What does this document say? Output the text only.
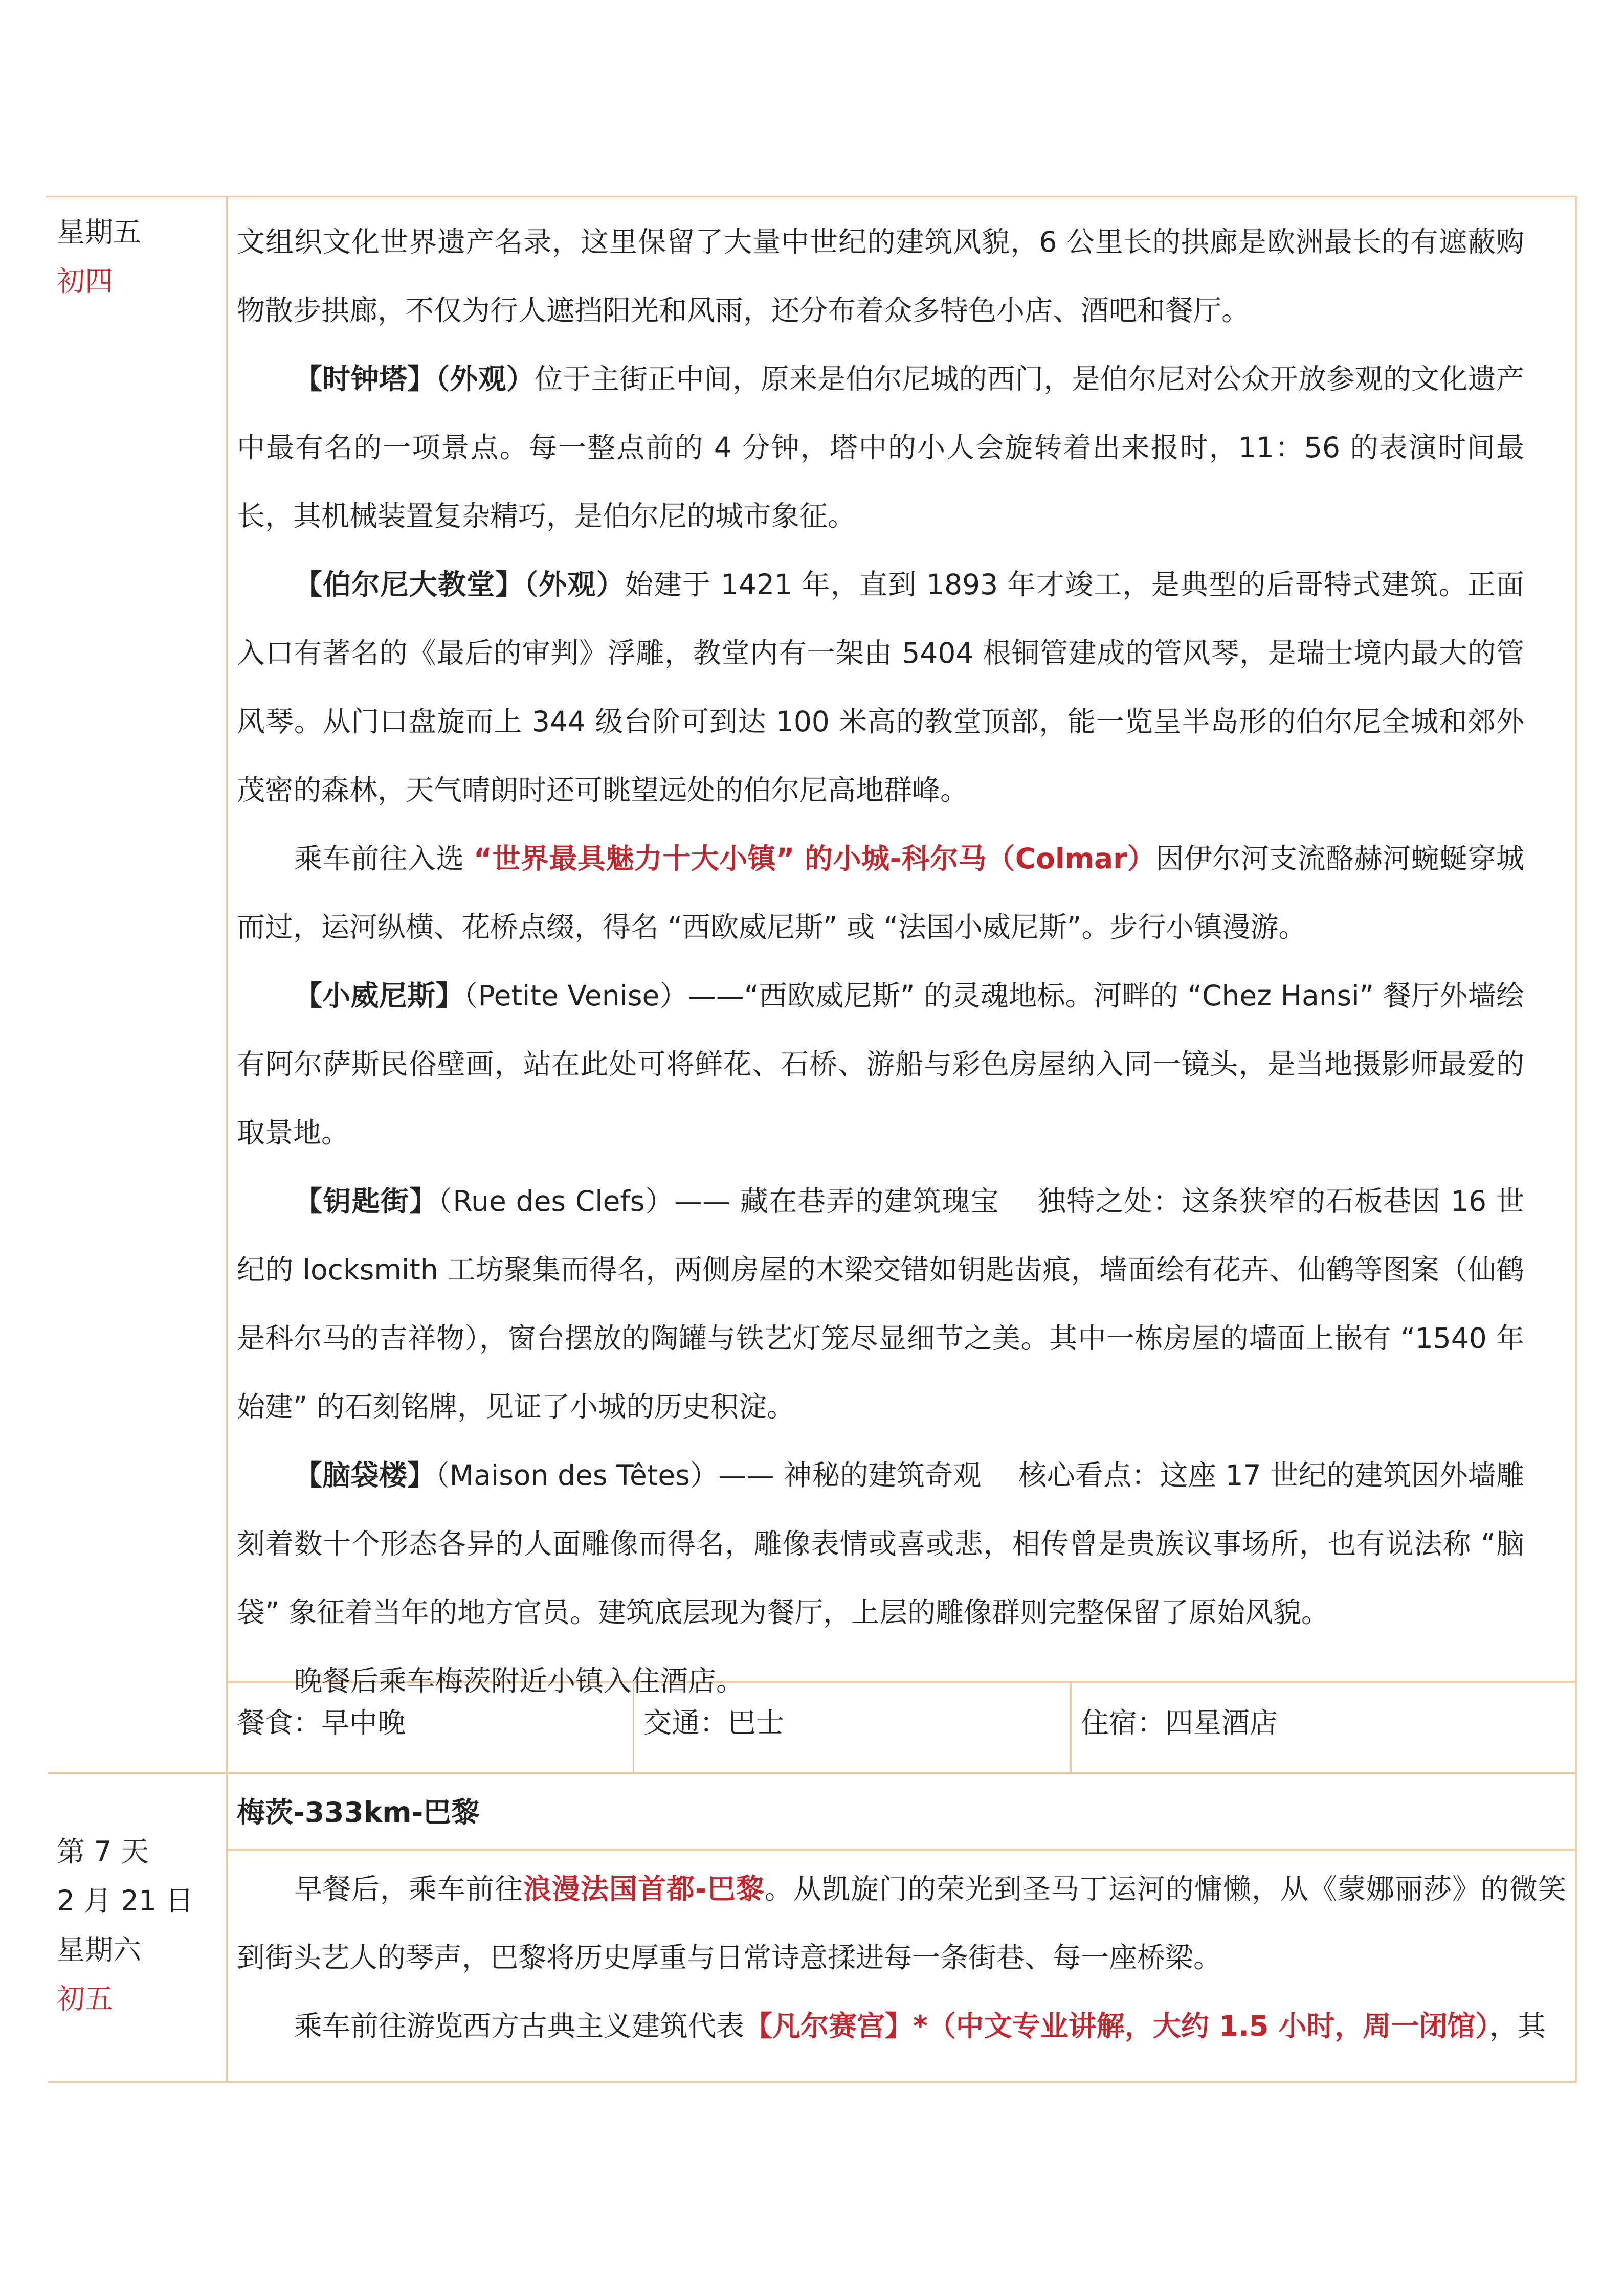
星期五

初四

文组织文化世界遗产名录，这里保留了大量中世纪的建筑风貌，6 公里长的拱廊是欧洲最长的有遮蔽购物散步拱廊，不仅为行人遮挡阳光和风雨，还分布着众多特色小店、酒吧和餐厅。

【时钟塔】（外观）位于主街正中间，原来是伯尔尼城的西门，是伯尔尼对公众开放参观的文化遗产中最有名的一项景点。每一整点前的 4 分钟，塔中的小人会旋转着出来报时，11：56 的表演时间最长，其机械装置复杂精巧，是伯尔尼的城市象征。

【伯尔尼大教堂】（外观）始建于 1421 年，直到 1893 年才竣工，是典型的后哥特式建筑。正面入口有著名的《最后的审判》浮雕，教堂内有一架由 5404 根铜管建成的管风琴，是瑞士境内最大的管风琴。从门口盘旋而上 344 级台阶可到达 100 米高的教堂顶部，能一览呈半岛形的伯尔尼全城和郊外茂密的森林，天气晴朗时还可眺望远处的伯尔尼高地群峰。

乘车前往入选 “世界最具魅力十大小镇” 的小城-科尔马（Colmar）因伊尔河支流酪赫河蜿蜒穿城而过，运河纵横、花桥点缀，得名 “西欧威尼斯” 或 “法国小威尼斯”。步行小镇漫游。

【小威尼斯】（Petite Venise）——“西欧威尼斯” 的灵魂地标。河畔的 “Chez Hansi” 餐厅外墙绘有阿尔萨斯民俗壁画，站在此处可将鲜花、石桥、游船与彩色房屋纳入同一镜头，是当地摄影师最爱的取景地。

【钥匙街】（Rue des Clefs）—— 藏在巷弄的建筑瑰宝　 独特之处：这条狭窄的石板巷因 16 世纪的 locksmith 工坊聚集而得名，两侧房屋的木梁交错如钥匙齿痕，墙面绘有花卉、仙鹤等图案（仙鹤是科尔马的吉祥物），窗台摆放的陶罐与铁艺灯笼尽显细节之美。其中一栋房屋的墙面上嵌有 “1540 年始建” 的石刻铭牌，见证了小城的历史积淀。

【脑袋楼】（Maison des Têtes）—— 神秘的建筑奇观　 核心看点：这座 17 世纪的建筑因外墙雕刻着数十个形态各异的人面雕像而得名，雕像表情或喜或悲，相传曾是贵族议事场所，也有说法称 “脑袋” 象征着当年的地方官员。建筑底层现为餐厅，上层的雕像群则完整保留了原始风貌。

晚餐后乘车梅茨附近小镇入住酒店。

餐食：早中晚	交通：巴士	住宿：四星酒店

第 7 天

2 月 21 日

星期六

初五

梅茨-333km-巴黎

早餐后，乘车前往浪漫法国首都-巴黎。从凯旋门的荣光到圣马丁运河的慵懒，从《蒙娜丽莎》的微笑到街头艺人的琴声，巴黎将历史厚重与日常诗意揉进每一条街巷、每一座桥梁。

乘车前往游览西方古典主义建筑代表【凡尔赛宫】*（中文专业讲解，大约 1.5 小时，周一闭馆），其
